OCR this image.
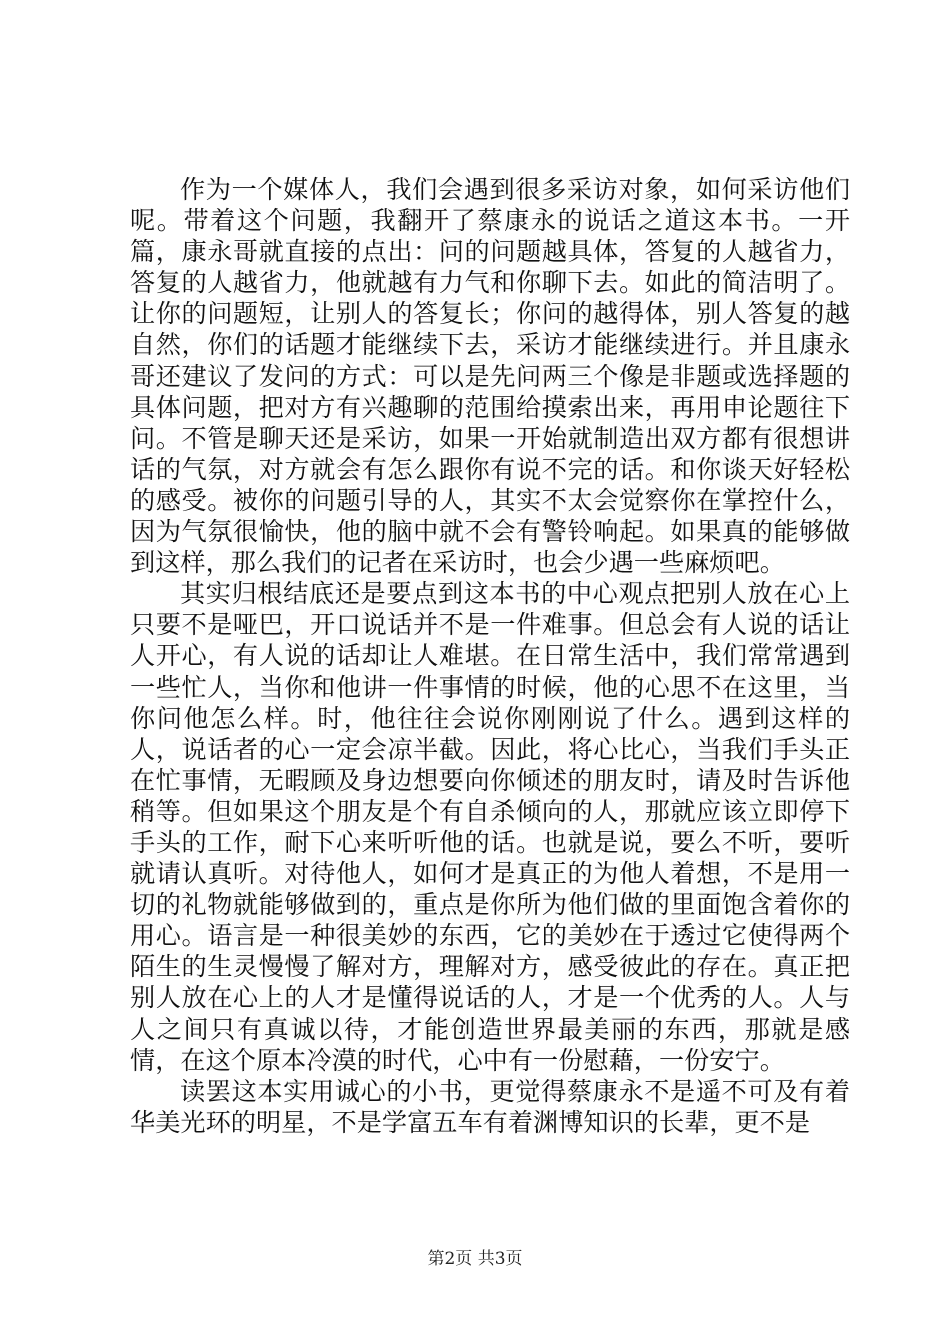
作为一个媒体人，我们会遇到很多采访对象，如何采访他们呢。带着这个问题，我翻开了蔡康永的说话之道这本书。一开篇，康永哥就直接的点出：问的问题越具体，答复的人越省力，答复的人越省力，他就越有力气和你聊下去。如此的简洁明了。让你的问题短，让别人的答复长；你问的越得体，别人答复的越自然，你们的话题才能继续下去，采访才能继续进行。并且康永哥还建议了发问的方式：可以是先问两三个像是非题或选择题的具体问题，把对方有兴趣聊的范围给摸索出来，再用申论题往下问。不管是聊天还是采访，如果一开始就制造出双方都有很想讲话的气氛，对方就会有怎么跟你有说不完的话。和你谈天好轻松的感受。被你的问题引导的人，其实不太会觉察你在掌控什么，因为气氛很愉快，他的脑中就不会有警铃响起。如果真的能够做到这样，那么我们的记者在采访时，也会少遇一些麻烦吧。

其实归根结底还是要点到这本书的中心观点把别人放在心上只要不是哑巴，开口说话并不是一件难事。但总会有人说的话让人开心，有人说的话却让人难堪。在日常生活中，我们常常遇到一些忙人，当你和他讲一件事情的时候，他的心思不在这里，当你问他怎么样。时，他往往会说你刚刚说了什么。遇到这样的人，说话者的心一定会凉半截。因此，将心比心，当我们手头正在忙事情，无暇顾及身边想要向你倾述的朋友时，请及时告诉他稍等。但如果这个朋友是个有自杀倾向的人，那就应该立即停下手头的工作，耐下心来听听他的话。也就是说，要么不听，要听就请认真听。对待他人，如何才是真正的为他人着想，不是用一切的礼物就能够做到的，重点是你所为他们做的里面饱含着你的用心。语言是一种很美妙的东西，它的美妙在于透过它使得两个陌生的生灵慢慢了解对方，理解对方，感受彼此的存在。真正把别人放在心上的人才是懂得说话的人，才是一个优秀的人。人与人之间只有真诚以待，才能创造世界最美丽的东西，那就是感情，在这个原本冷漠的时代，心中有一份慰藉，一份安宁。

读罢这本实用诚心的小书，更觉得蔡康永不是遥不可及有着华美光环的明星，不是学富五车有着渊博知识的长辈，更不是

第2页 共3页
